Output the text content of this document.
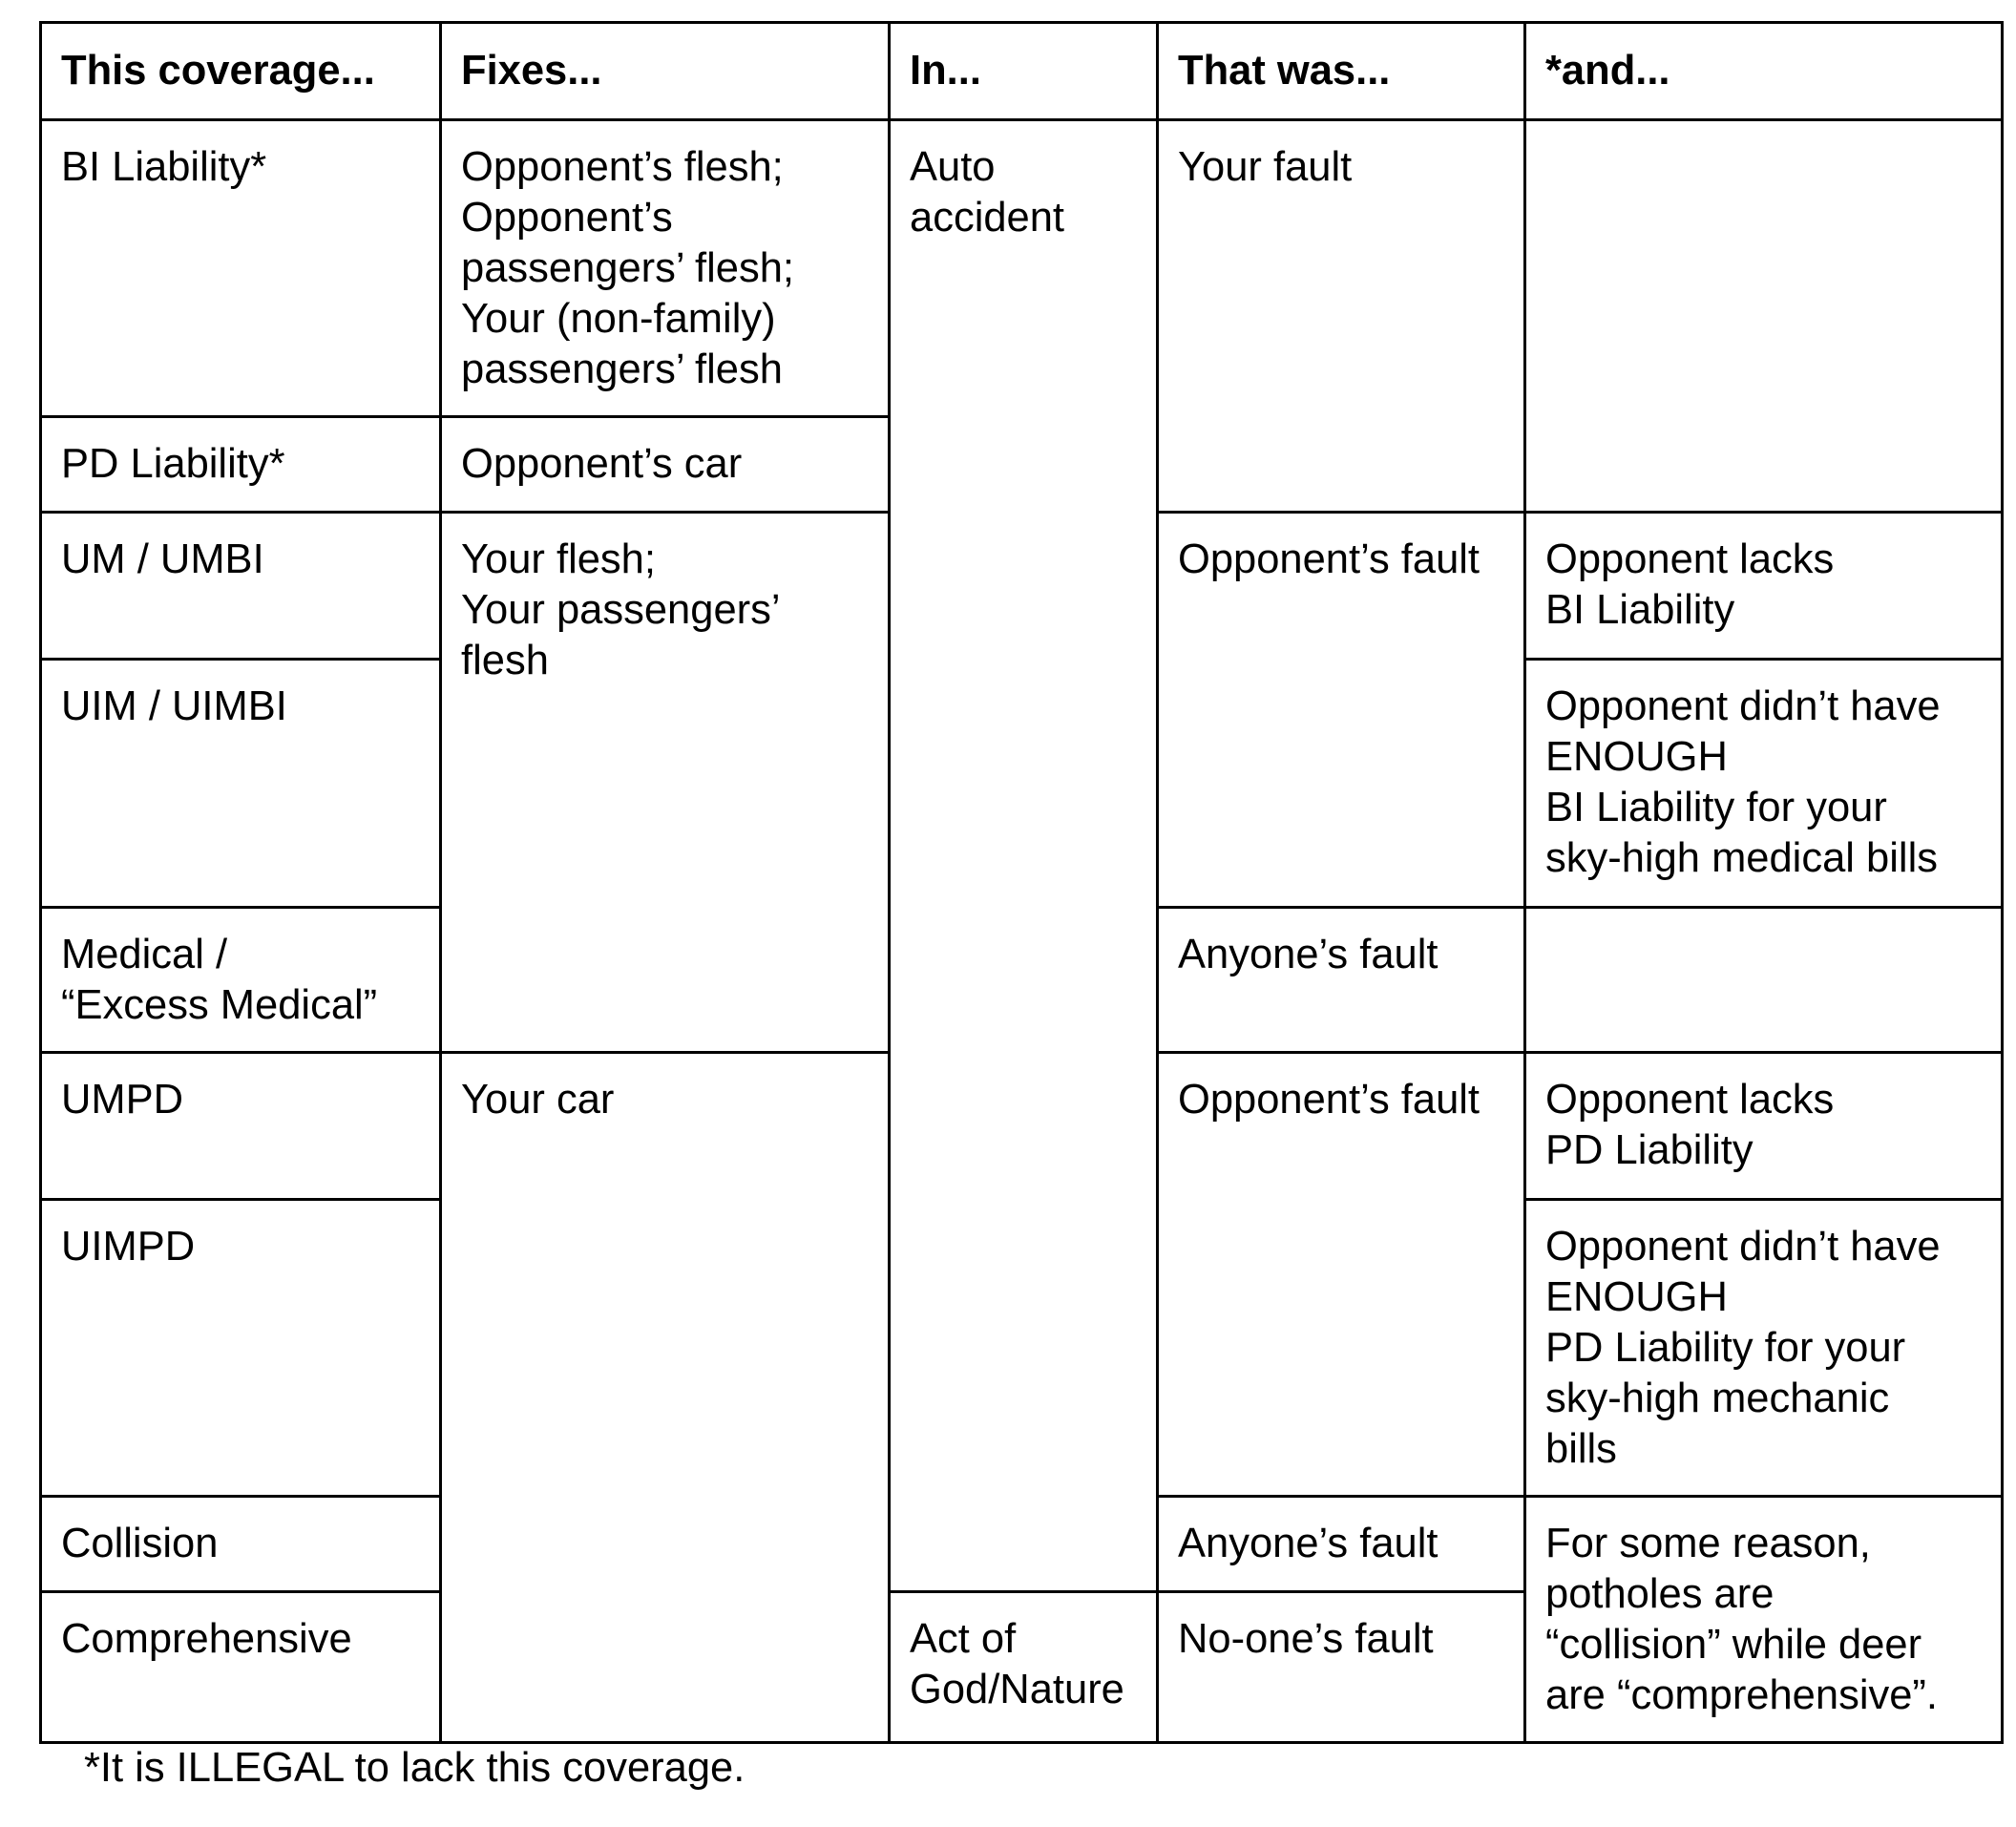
This coverage...	Fixes...	In...	That was...	*and...

BI Liability*	Opponent’s flesh;
Opponent’s
passengers’ flesh;
Your (non-family)
passengers’ flesh	Auto
accident	Your fault	

PD Liability*	Opponent’s car			

UM / UMBI	Your flesh;
Your passengers’
flesh		Opponent’s fault	Opponent lacks
BI Liability

UIM / UIMBI				Opponent didn’t have
ENOUGH
BI Liability for your
sky-high medical bills

Medical /
“Excess Medical”			Anyone’s fault	

UMPD	Your car		Opponent’s fault	Opponent lacks
PD Liability

UIMPD				Opponent didn’t have
ENOUGH
PD Liability for your
sky-high mechanic
bills

Collision			Anyone’s fault	For some reason,
potholes are
“collision” while deer
are “comprehensive”.

Comprehensive		Act of
God/Nature	No-one’s fault	
*It is ILLEGAL to lack this coverage.
